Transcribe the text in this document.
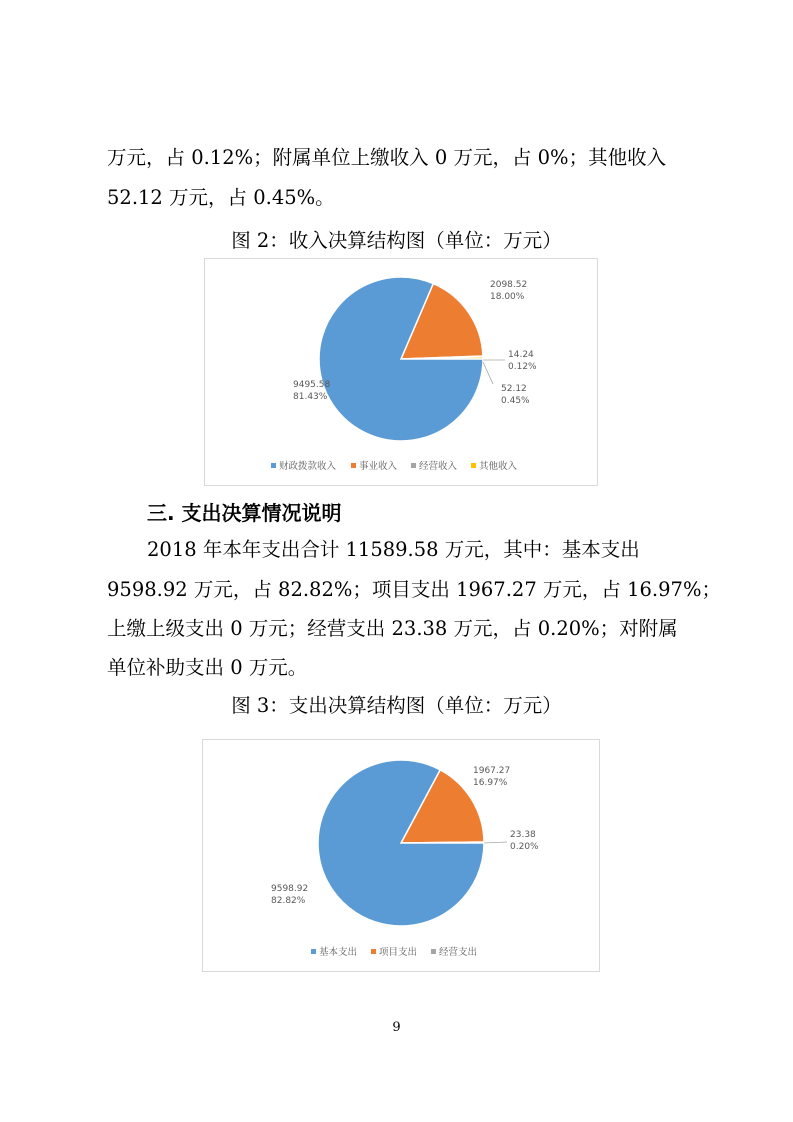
万元，占 0.12%；附属单位上缴收入 0 万元，占 0%；其他收入
52.12 万元，占 0.45%。
图 2：收入决算结构图（单位：万元）
9495.58
81.43%
2098.52
18.00%
14.24
0.12%
52.12
0.45%
财政拨款收入 事业收入 经营收入 其他收入
三. 支出决算情况说明
2018 年本年支出合计 11589.58 万元，其中：基本支出
9598.92 万元，占 82.82%；项目支出 1967.27 万元，占 16.97%；
上缴上级支出 0 万元；经营支出 23.38 万元，占 0.20%；对附属
单位补助支出 0 万元。
图 3：支出决算结构图（单位：万元）
9598.92
82.82%
1967.27
16.97%
23.38
0.20%
基本支出 项目支出 经营支出
9
